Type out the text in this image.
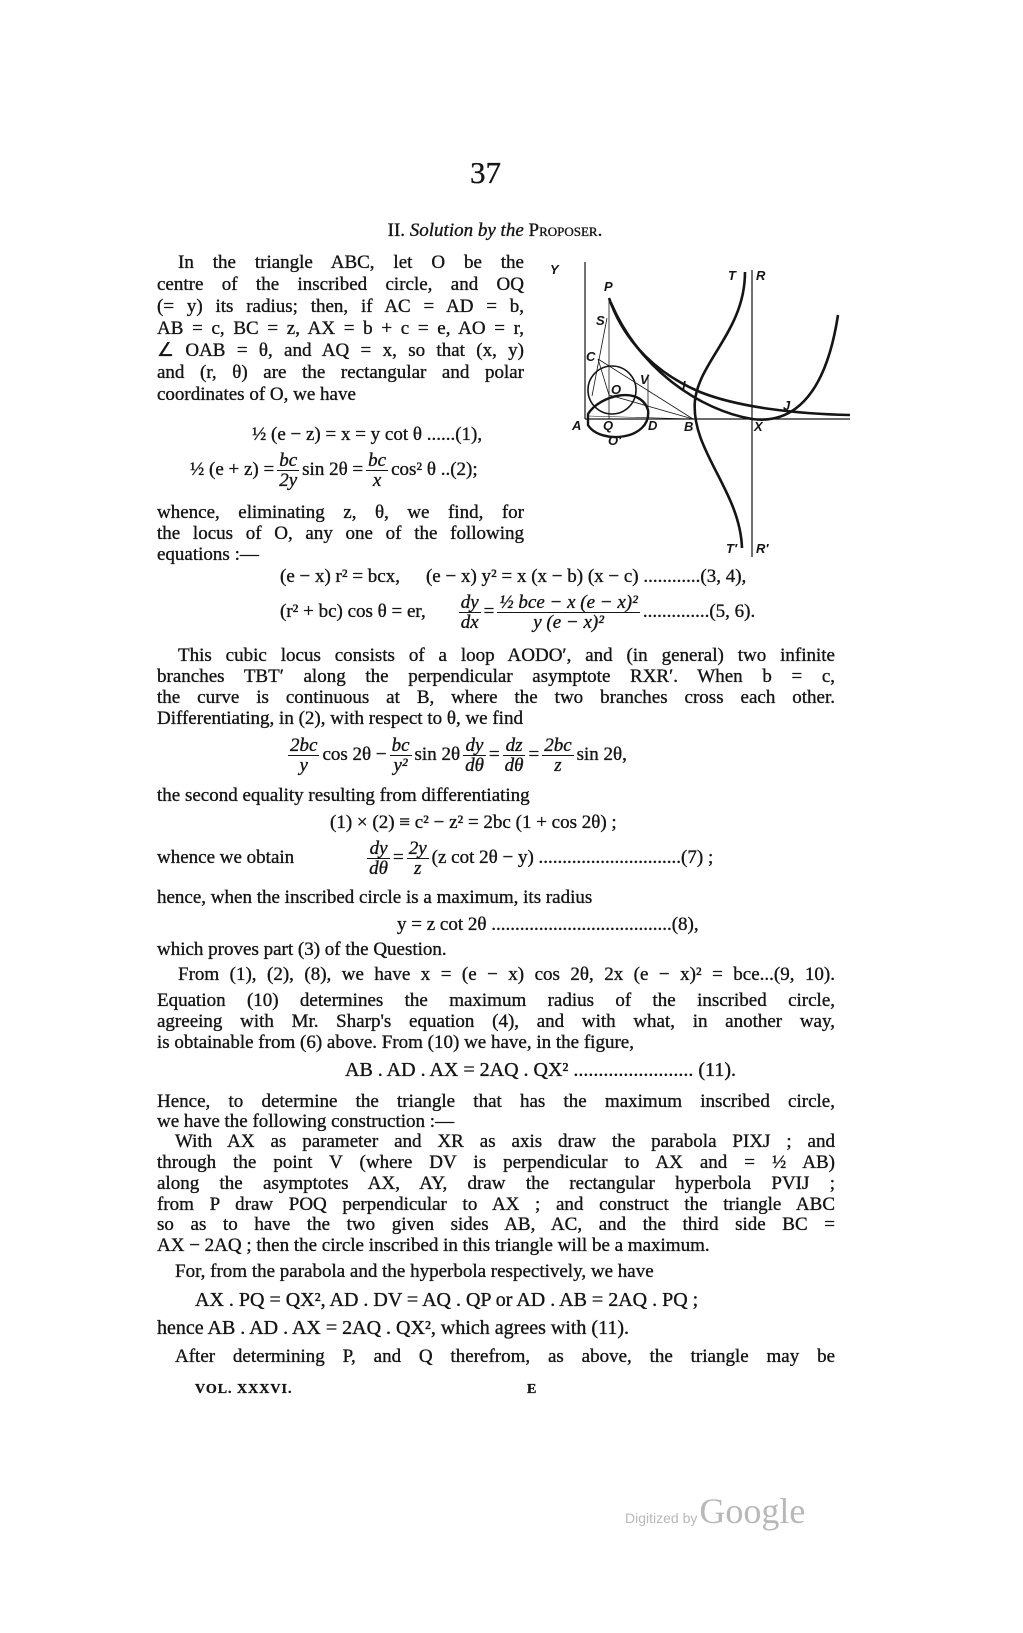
37
II. Solution by the Proposer.
In the triangle ABC, let O be the
centre of the inscribed circle, and OQ
(= y) its radius; then, if AC = AD = b,
AB = c, BC = z, AX = b + c = e, AO = r,
∠ OAB = θ, and AQ = x, so that (x, y)
and (r, θ) are the rectangular and polar
coordinates of O, we have
½ (e − z) = x = y cot θ ......(1),
½ $(e + z) = \frac{bc}{2y}$ $\sin 2\theta = \frac{bc}{x} \cos^2$ θ ..(2);
whence, eliminating z, θ, we find, for
the locus of O, any one of the following
equations :—
(e − x) r² = bcx, (e − x) y² = x (x − b) (x − c) ............(3, 4),
(r² + bc) cos θ = er, $\frac{dy}{dx} = \frac{\text{½ bce − x (e − x)²}}{\text{y (e − x)²}} ..............(5$, 6).
This cubic locus consists of a loop AODO′, and (in general) two infinite
branches TBT′ along the perpendicular asymptote RXR′. When b = c,
the curve is continuous at B, where the two branches cross each other.
Differentiating, in (2), with respect to θ, we find
$\frac{2bc}{y}$ $\cos 2\theta - \frac{bc}{\text{y²}}$ $\sin 2\theta \frac{dy}{d\theta} = \frac{dz}{d\theta} = \frac{2bc}{z}$ sin 2θ,
the second equality resulting from differentiating
(1) × (2) ≡ c² − z² = 2bc (1 + cos 2θ) ;
whence we obtain	$\frac{dy}{d\theta} = \frac{2y}{z} (z$ cot 2θ − y) ..............................(7) ;
hence, when the inscribed circle is a maximum, its radius
y = z cot 2θ ......................................(8),
which proves part (3) of the Question.
From (1), (2), (8), we have x = (e − x) cos 2θ, 2x (e − x)² = bce...(9, 10).
Equation (10) determines the maximum radius of the inscribed circle,
agreeing with Mr. Sharp's equation (4), and with what, in another way,
is obtainable from (6) above. From (10) we have, in the figure,
AB . AD . AX = 2AQ . QX² ........................ (11).
Hence, to determine the triangle that has the maximum inscribed circle,
we have the following construction :—
With AX as parameter and XR as axis draw the parabola PIXJ ; and
through the point V (where DV is perpendicular to AX and = ½ AB)
along the asymptotes AX, AY, draw the rectangular hyperbola PVIJ ;
from P draw POQ perpendicular to AX ; and construct the triangle ABC
so as to have the two given sides AB, AC, and the third side BC =
AX − 2AQ ; then the circle inscribed in this triangle will be a maximum.
For, from the parabola and the hyperbola respectively, we have
AX . PQ = QX², AD . DV = AQ . QP or AD . AB = 2AQ . PQ ;
hence AB . AD . AX = 2AQ . QX², which agrees with (11).
After determining P, and Q therefrom, as above, the triangle may be
VOL. XXXVI.	E
Digitized byGoogle
Y
P
S
C
O
V	I
J
A Q	D B	X
O′
T R
T′ R′
